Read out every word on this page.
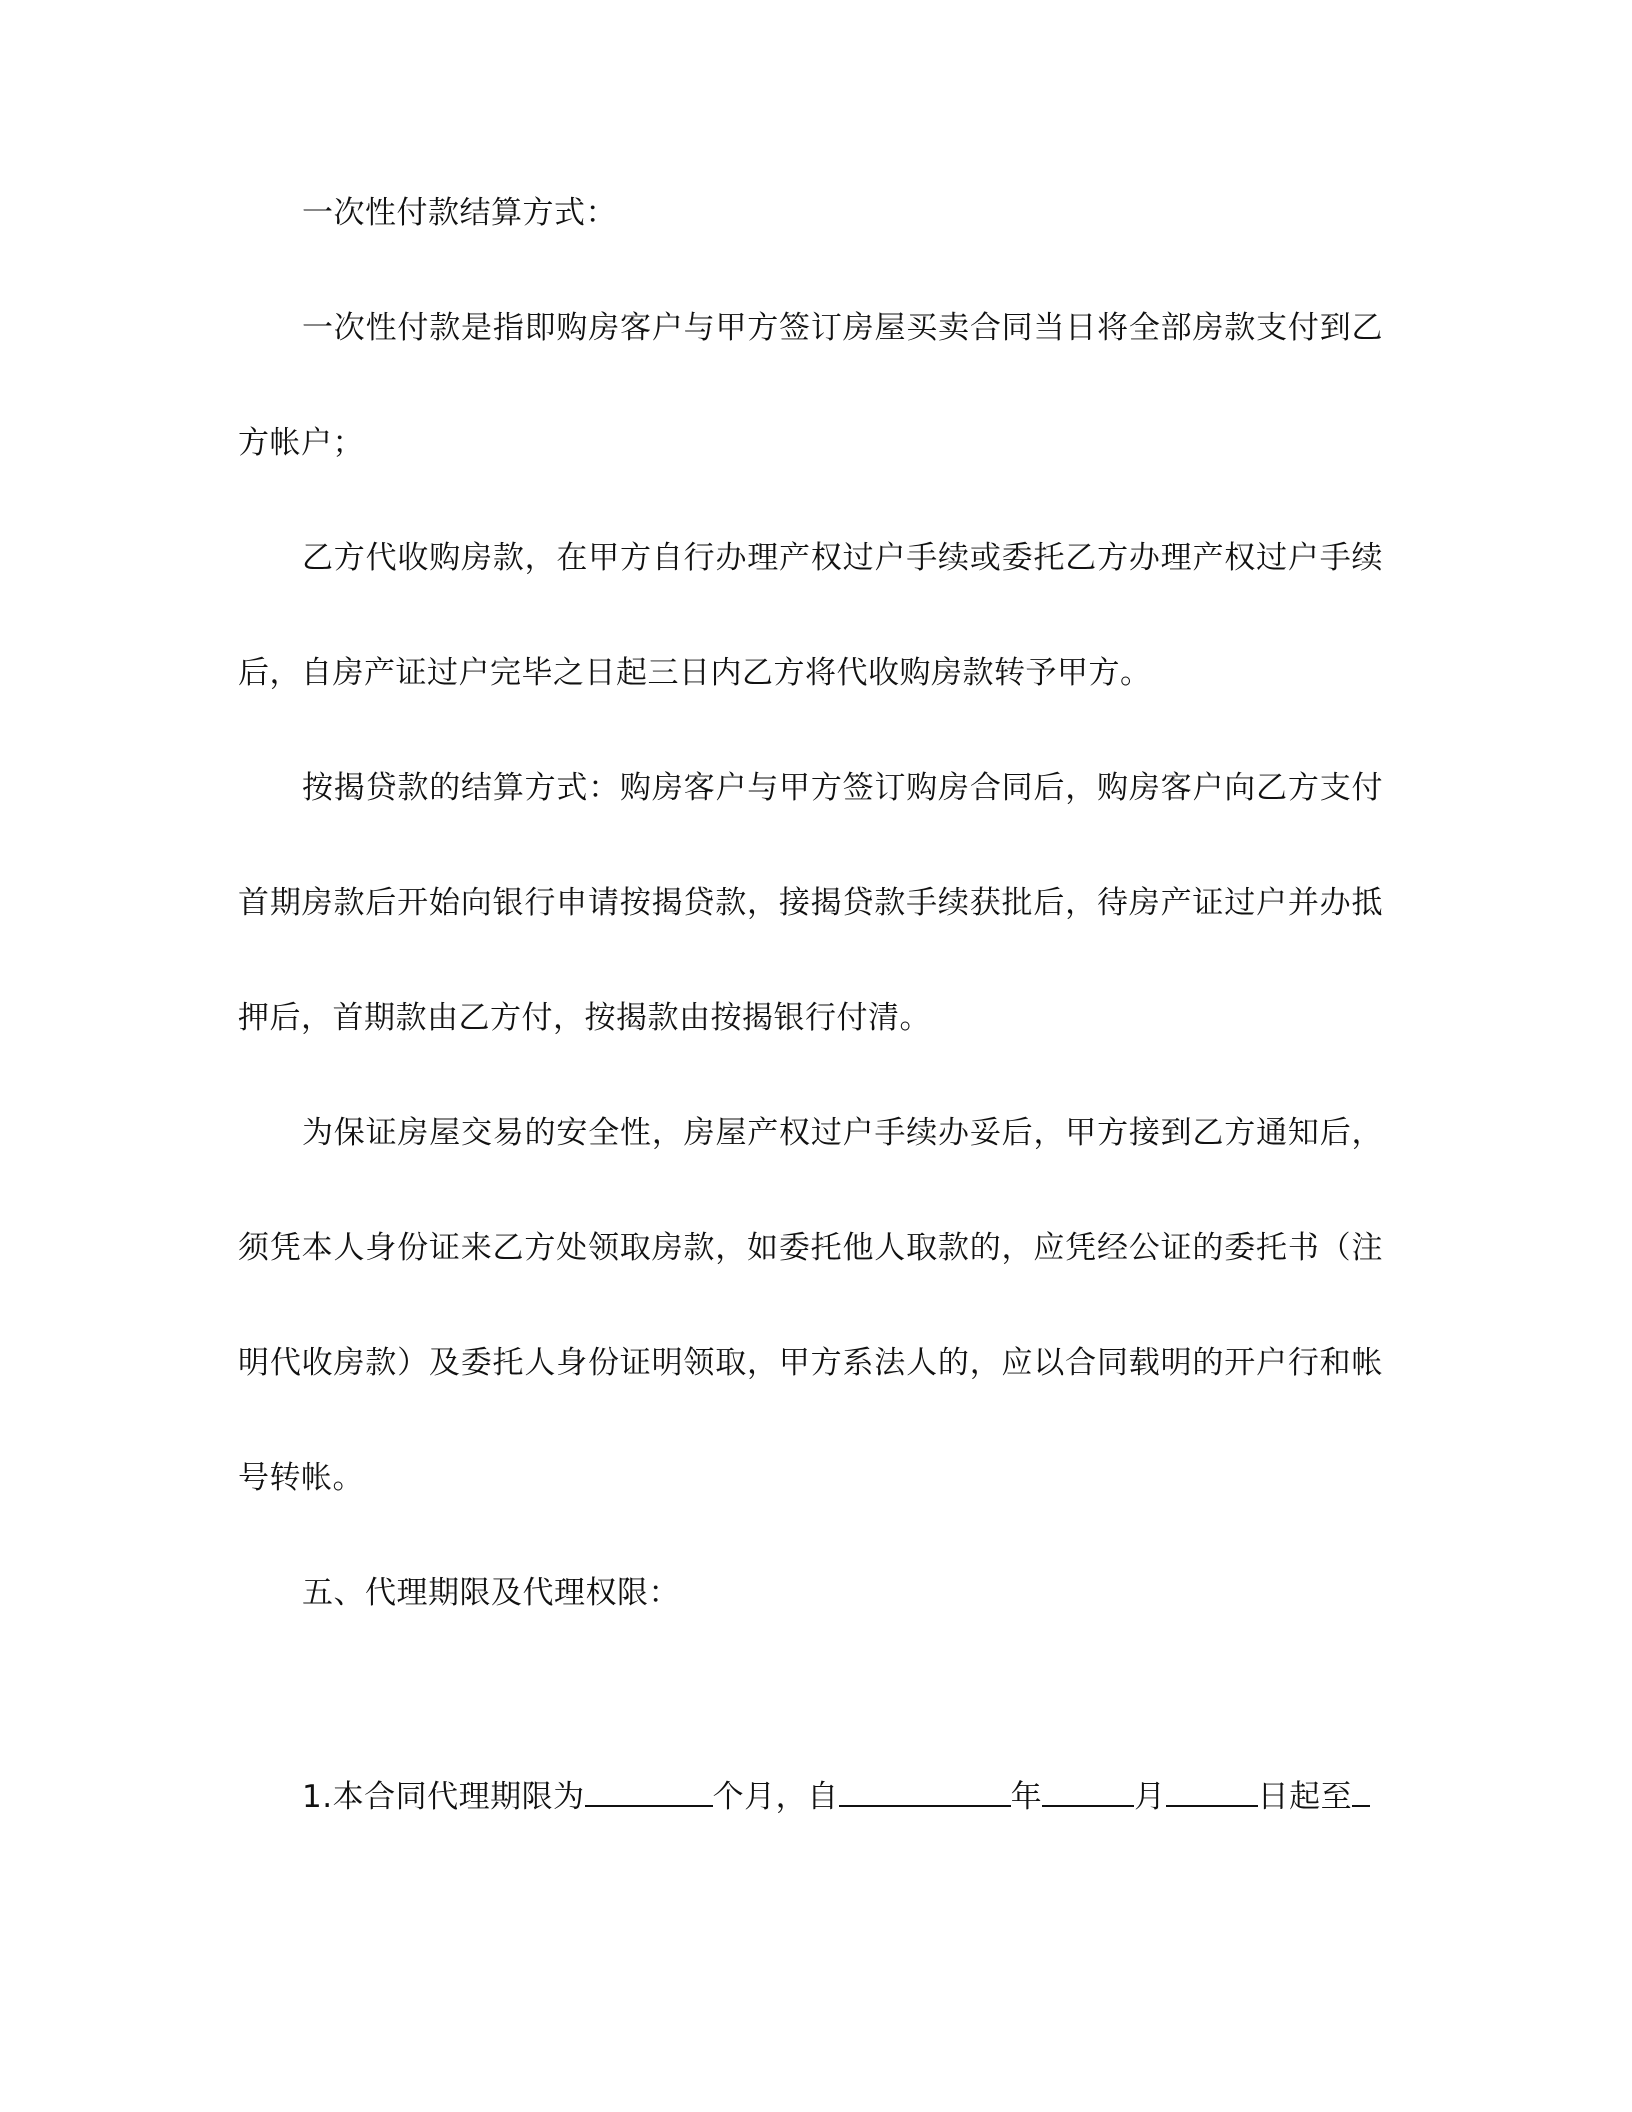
一次性付款结算方式：
一次性付款是指即购房客户与甲方签订房屋买卖合同当日将全部房款支付到乙
方帐户；
乙方代收购房款，在甲方自行办理产权过户手续或委托乙方办理产权过户手续
后，自房产证过户完毕之日起三日内乙方将代收购房款转予甲方。
按揭贷款的结算方式：购房客户与甲方签订购房合同后，购房客户向乙方支付
首期房款后开始向银行申请按揭贷款，接揭贷款手续获批后，待房产证过户并办抵
押后，首期款由乙方付，按揭款由按揭银行付清。
为保证房屋交易的安全性，房屋产权过户手续办妥后，甲方接到乙方通知后，
须凭本人身份证来乙方处领取房款，如委托他人取款的，应凭经公证的委托书（注
明代收房款）及委托人身份证明领取，甲方系法人的，应以合同载明的开户行和帐
号转帐。
五、代理期限及代理权限：
1.本合同代理期限为	个月，自	年	月	日起至
